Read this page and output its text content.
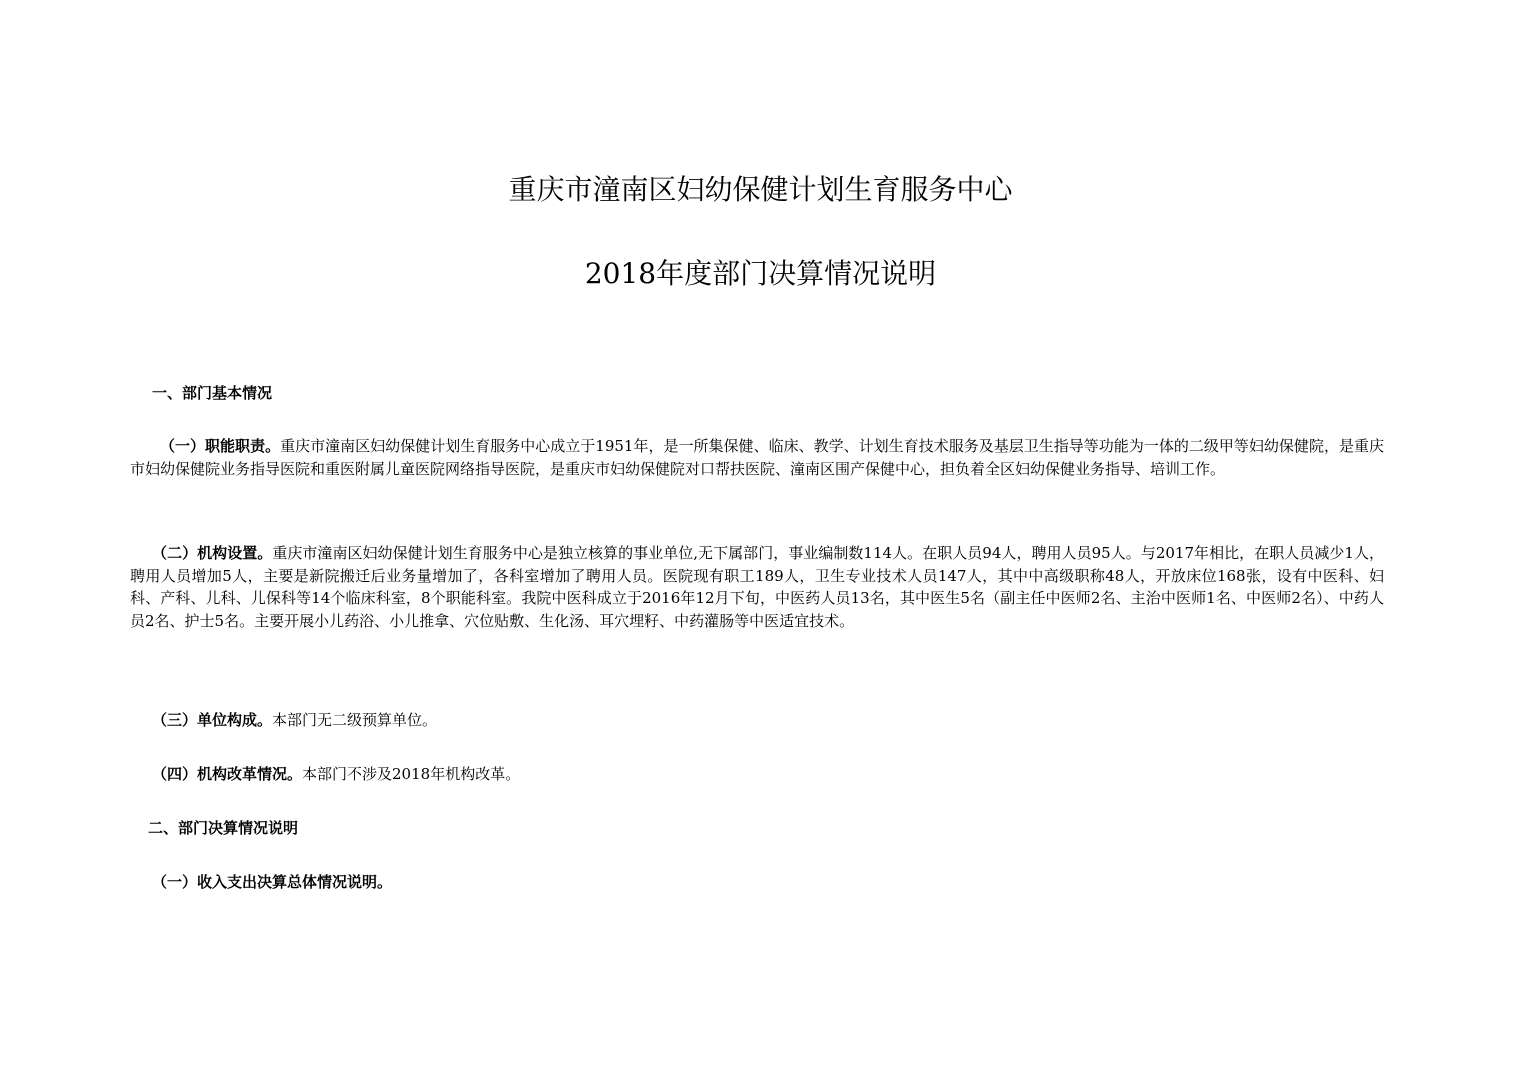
重庆市潼南区妇幼保健计划生育服务中心
2018年度部门决算情况说明
一、部门基本情况
（一）职能职责。重庆市潼南区妇幼保健计划生育服务中心成立于1951年，是一所集保健、临床、教学、计划生育技术服务及基层卫生指导等功能为一体的二级甲等妇幼保健院，是重庆市妇幼保健院业务指导医院和重医附属儿童医院网络指导医院，是重庆市妇幼保健院对口帮扶医院、潼南区围产保健中心，担负着全区妇幼保健业务指导、培训工作。
（二）机构设置。重庆市潼南区妇幼保健计划生育服务中心是独立核算的事业单位,无下属部门，事业编制数114人。在职人员94人，聘用人员95人。与2017年相比，在职人员减少1人，聘用人员增加5人，主要是新院搬迁后业务量增加了，各科室增加了聘用人员。医院现有职工189人，卫生专业技术人员147人，其中中高级职称48人，开放床位168张，设有中医科、妇科、产科、儿科、儿保科等14个临床科室，8个职能科室。我院中医科成立于2016年12月下旬，中医药人员13名，其中医生5名（副主任中医师2名、主治中医师1名、中医师2名）、中药人员2名、护士5名。主要开展小儿药浴、小儿推拿、穴位贴敷、生化汤、耳穴埋籽、中药灌肠等中医适宜技术。
（三）单位构成。本部门无二级预算单位。
（四）机构改革情况。本部门不涉及2018年机构改革。
二、部门决算情况说明
（一）收入支出决算总体情况说明。
